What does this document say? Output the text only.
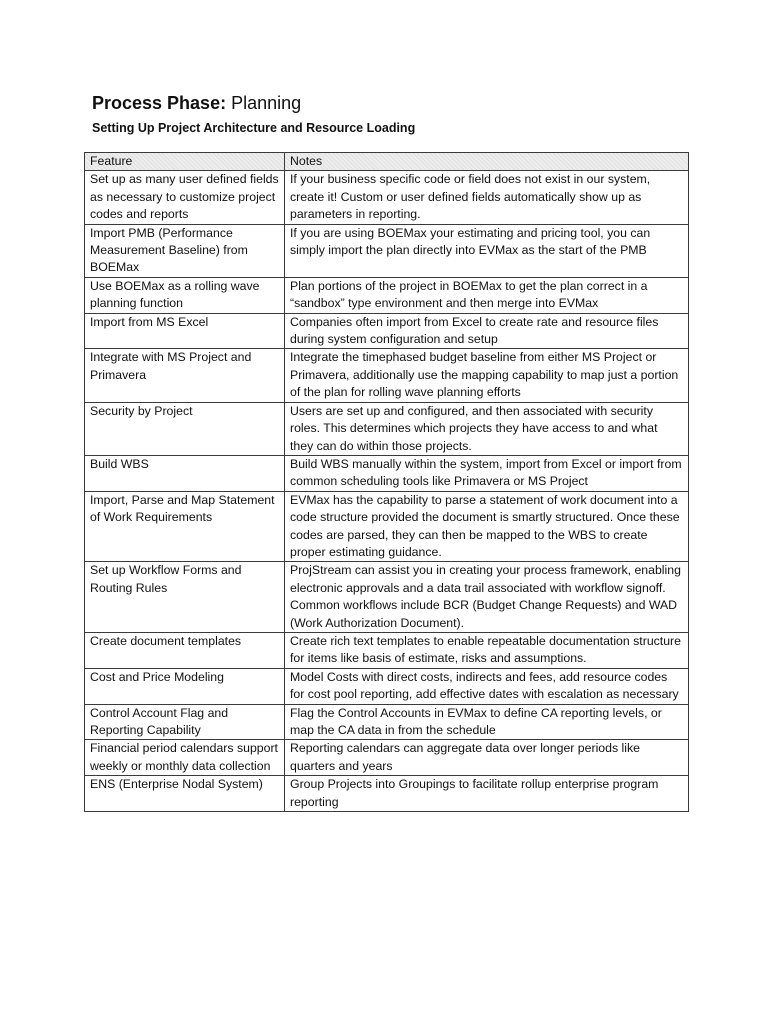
Process Phase: Planning
Setting Up Project Architecture and Resource Loading
Feature	Notes
Set up as many user defined fields as necessary to customize project codes and reports	If your business specific code or field does not exist in our system, create it! Custom or user defined fields automatically show up as parameters in reporting.
Import PMB (Performance Measurement Baseline) from BOEMax	If you are using BOEMax your estimating and pricing tool, you can simply import the plan directly into EVMax as the start of the PMB
Use BOEMax as a rolling wave planning function	Plan portions of the project in BOEMax to get the plan correct in a “sandbox” type environment and then merge into EVMax
Import from MS Excel	Companies often import from Excel to create rate and resource files during system configuration and setup
Integrate with MS Project and Primavera	Integrate the timephased budget baseline from either MS Project or Primavera, additionally use the mapping capability to map just a portion of the plan for rolling wave planning efforts
Security by Project	Users are set up and configured, and then associated with security roles. This determines which projects they have access to and what they can do within those projects.
Build WBS	Build WBS manually within the system, import from Excel or import from common scheduling tools like Primavera or MS Project
Import, Parse and Map Statement of Work Requirements	EVMax has the capability to parse a statement of work document into a code structure provided the document is smartly structured. Once these codes are parsed, they can then be mapped to the WBS to create proper estimating guidance.
Set up Workflow Forms and Routing Rules	ProjStream can assist you in creating your process framework, enabling electronic approvals and a data trail associated with workflow signoff. Common workflows include BCR (Budget Change Requests) and WAD (Work Authorization Document).
Create document templates	Create rich text templates to enable repeatable documentation structure for items like basis of estimate, risks and assumptions.
Cost and Price Modeling	Model Costs with direct costs, indirects and fees, add resource codes for cost pool reporting, add effective dates with escalation as necessary
Control Account Flag and Reporting Capability	Flag the Control Accounts in EVMax to define CA reporting levels, or map the CA data in from the schedule
Financial period calendars support weekly or monthly data collection	Reporting calendars can aggregate data over longer periods like quarters and years
ENS (Enterprise Nodal System)	Group Projects into Groupings to facilitate rollup enterprise program reporting
